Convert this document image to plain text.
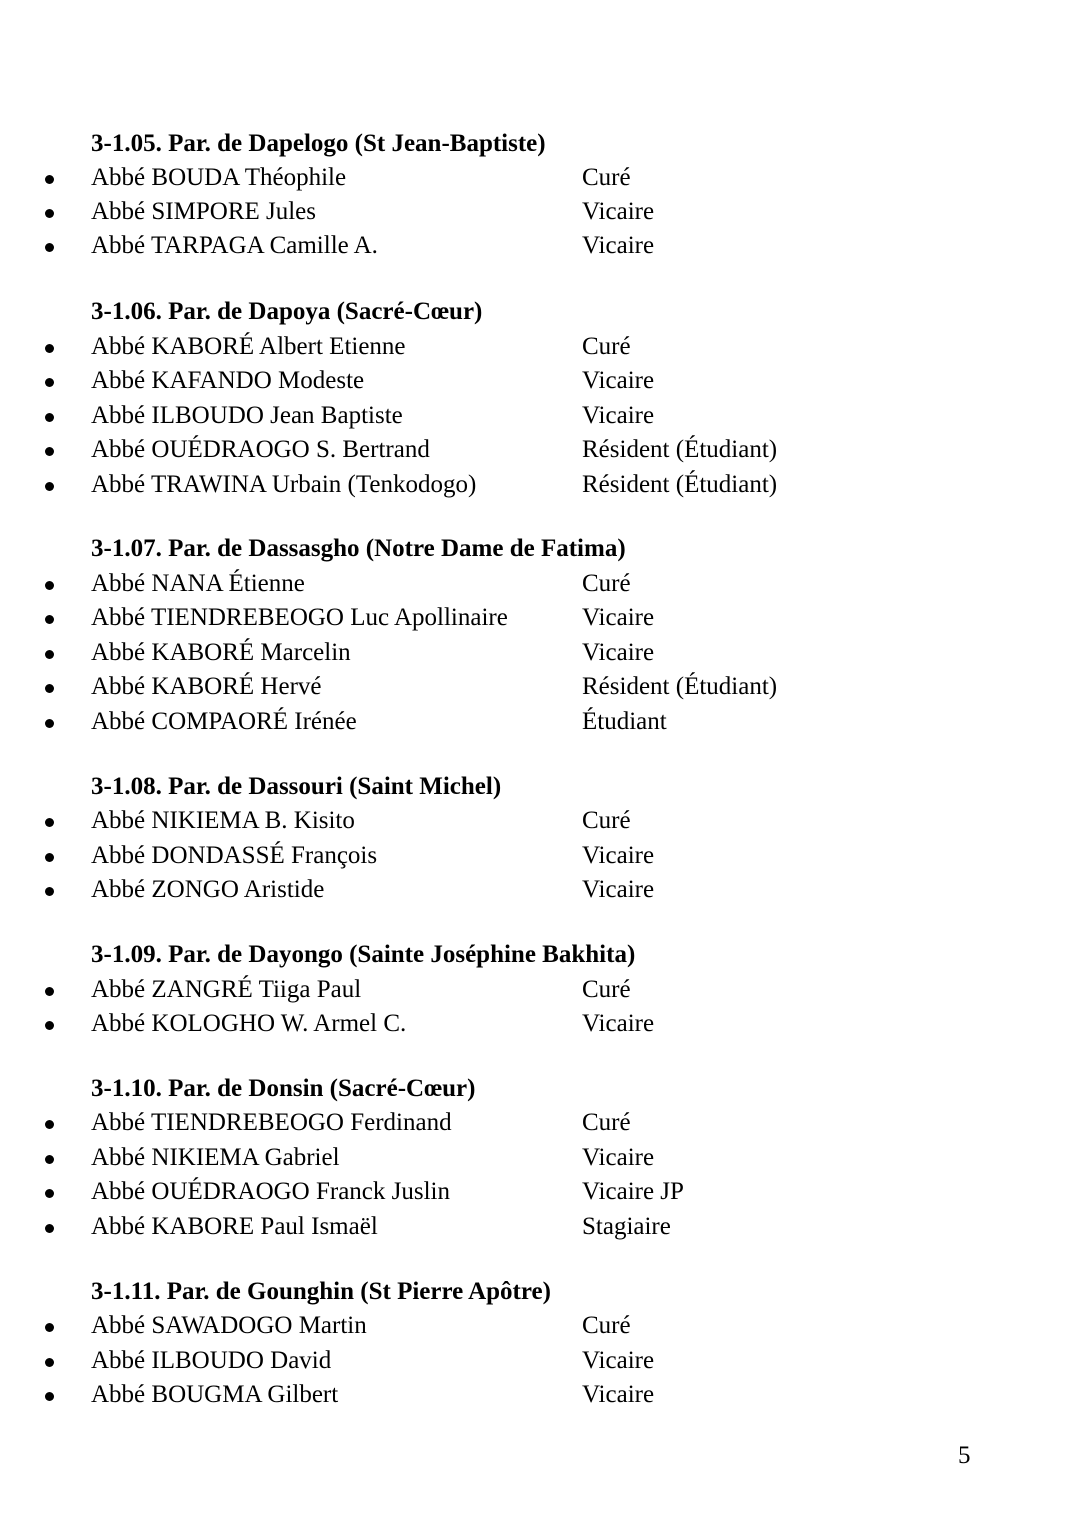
3-1.05. Par. de Dapelogo (St Jean-Baptiste)
Abbé BOUDA Théophile	Curé
Abbé SIMPORE Jules	Vicaire
Abbé TARPAGA Camille A.	Vicaire
3-1.06. Par. de Dapoya (Sacré-Cœur)
Abbé KABORÉ Albert Etienne	Curé
Abbé KAFANDO Modeste	Vicaire
Abbé ILBOUDO Jean Baptiste	Vicaire
Abbé OUÉDRAOGO S. Bertrand	Résident (Étudiant)
Abbé TRAWINA Urbain (Tenkodogo)	Résident (Étudiant)
3-1.07. Par. de Dassasgho (Notre Dame de Fatima)
Abbé NANA Étienne	Curé
Abbé TIENDREBEOGO Luc Apollinaire	Vicaire
Abbé KABORÉ Marcelin	Vicaire
Abbé KABORÉ Hervé	Résident (Étudiant)
Abbé COMPAORÉ Irénée	Étudiant
3-1.08. Par. de Dassouri (Saint Michel)
Abbé NIKIEMA B. Kisito	Curé
Abbé DONDASSÉ François	Vicaire
Abbé ZONGO Aristide	Vicaire
3-1.09. Par. de Dayongo (Sainte Joséphine Bakhita)
Abbé ZANGRÉ Tiiga Paul	Curé
Abbé KOLOGHO W. Armel C.	Vicaire
3-1.10. Par. de Donsin (Sacré-Cœur)
Abbé TIENDREBEOGO Ferdinand	Curé
Abbé NIKIEMA Gabriel	Vicaire
Abbé OUÉDRAOGO Franck Juslin	Vicaire JP
Abbé KABORE Paul Ismaël	Stagiaire
3-1.11. Par. de Gounghin (St Pierre Apôtre)
Abbé SAWADOGO Martin	Curé
Abbé ILBOUDO David	Vicaire
Abbé BOUGMA Gilbert	Vicaire
5
